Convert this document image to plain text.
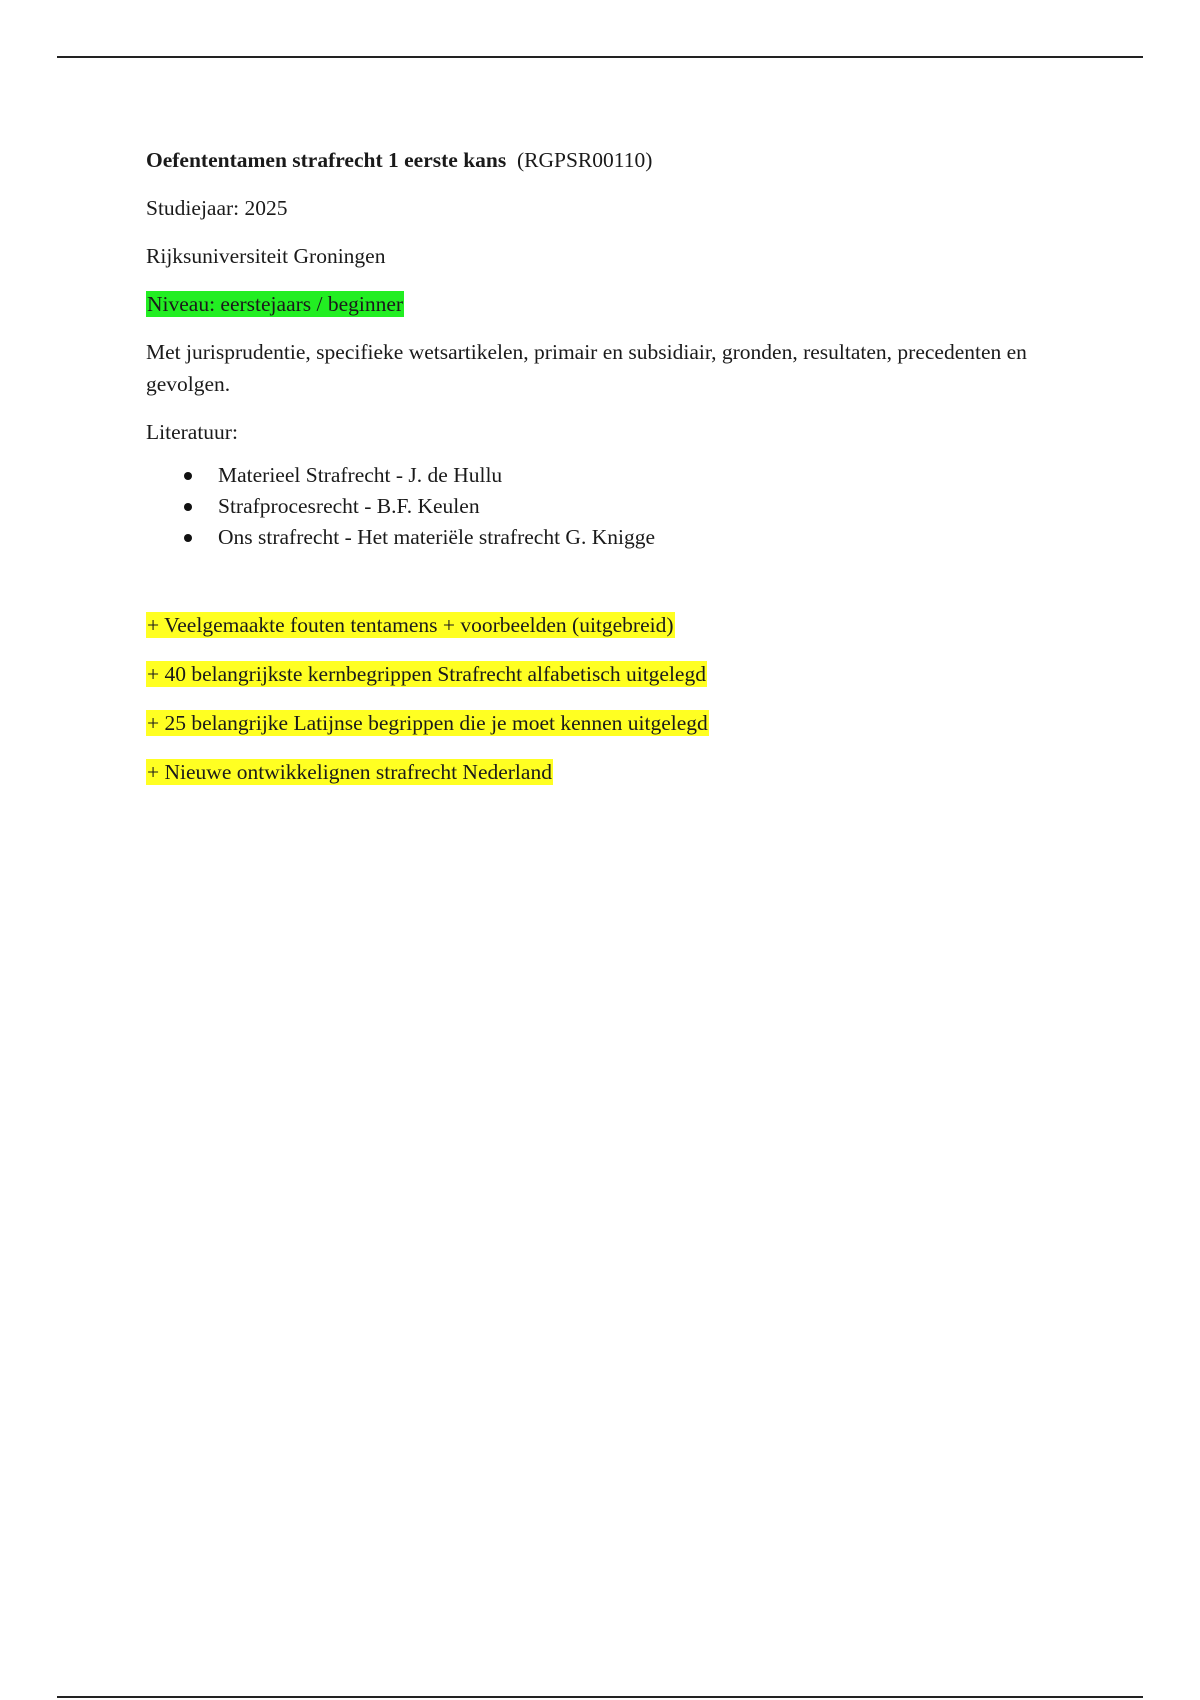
Oefententamen strafrecht 1 eerste kans (RGPSR00110)

Studiejaar: 2025

Rijksuniversiteit Groningen

Niveau: eerstejaars / beginner

Met jurisprudentie, specifieke wetsartikelen, primair en subsidiair, gronden, resultaten, precedenten en gevolgen.

Literatuur:

Materieel Strafrecht - J. de Hullu
Strafprocesrecht - B.F. Keulen
Ons strafrecht - Het materiële strafrecht G. Knigge

+ Veelgemaakte fouten tentamens + voorbeelden (uitgebreid)

+ 40 belangrijkste kernbegrippen Strafrecht alfabetisch uitgelegd

+ 25 belangrijke Latijnse begrippen die je moet kennen uitgelegd

+ Nieuwe ontwikkelignen strafrecht Nederland
